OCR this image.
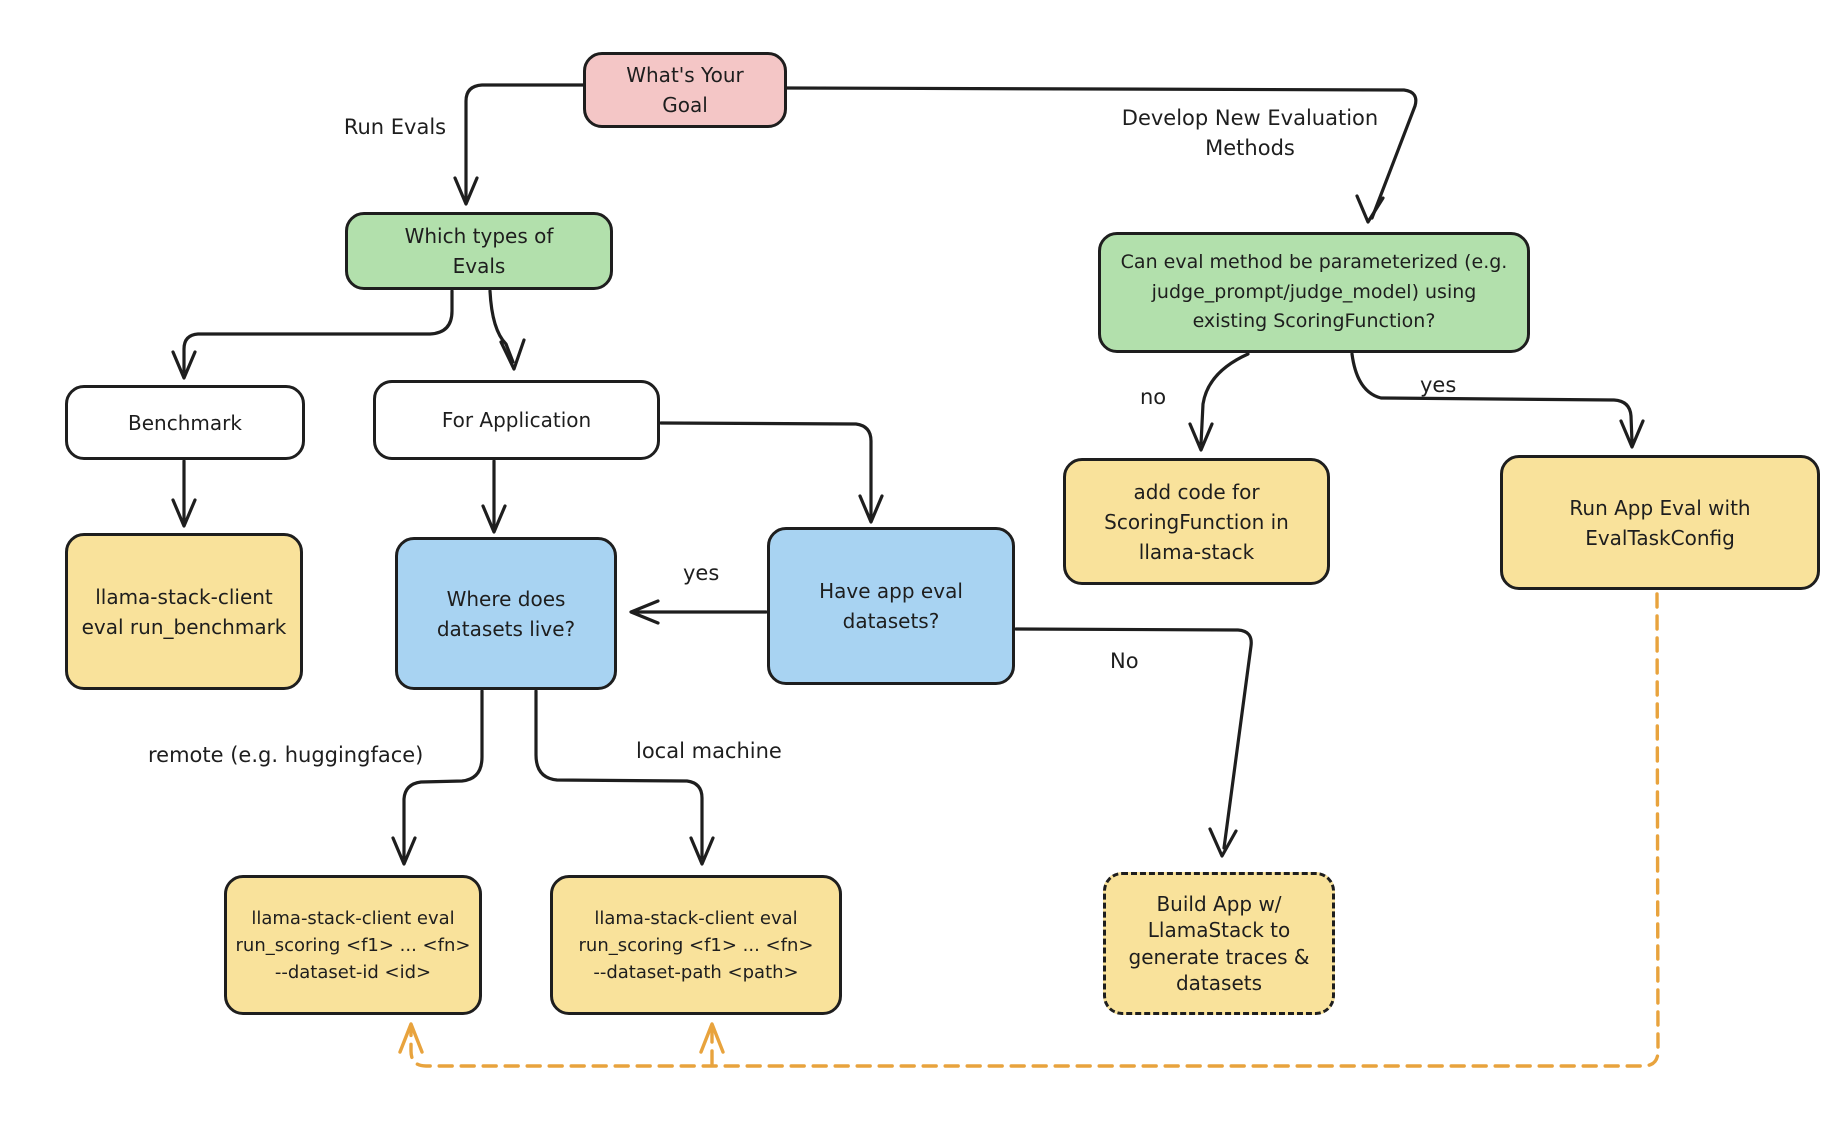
What's Your
Goal
Which types of
Evals	Can eval method be parameterized (e.g.
judge_prompt/judge_model) using
existing ScoringFunction?
Benchmark	For Application
llama-stack-client
eval run_benchmark
Where does
datasets live?
Have app eval
datasets?
add code for
ScoringFunction in
llama-stack
Run App Eval with
EvalTaskConfig
llama-stack-client eval
run_scoring <f1> ... <fn>
--dataset-id <id>
llama-stack-client eval
run_scoring <f1> ... <fn>
--dataset-path <path>
Build App w/
LlamaStack to
generate traces &
datasets
Run Evals	Develop New Evaluation
Methods
no	yes
yes
No
remote (e.g. huggingface)	local machine
